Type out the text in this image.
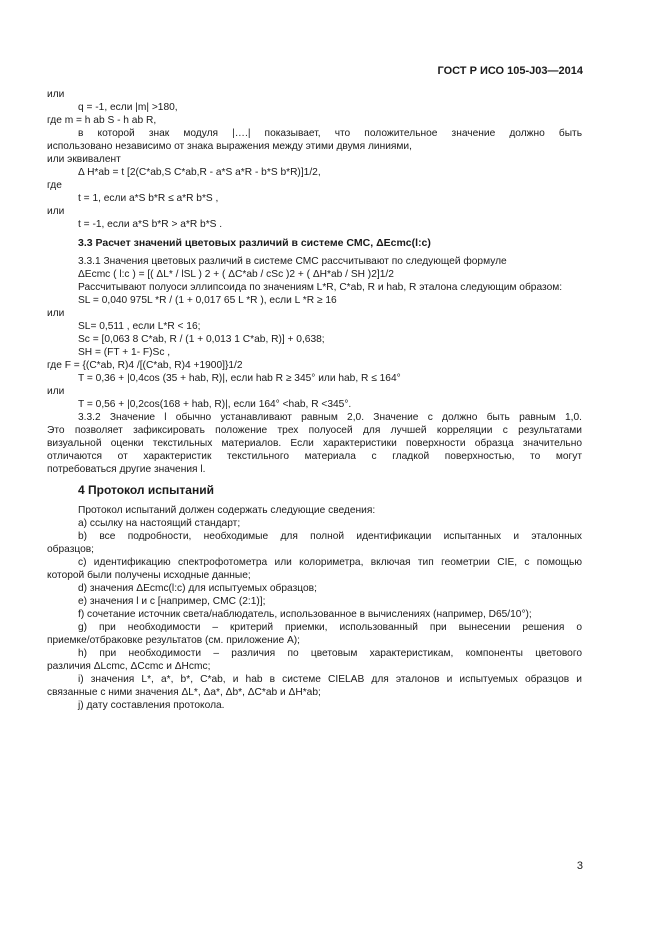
ГОСТ Р ИСО 105-J03—2014
или
q = -1, если |m| >180,
где m = h ab S - h ab R,
в которой знак модуля |….| показывает, что положительное значение должно быть
использовано независимо от знака выражения между этими двумя линиями,
или эквивалент
Δ H*ab = t [2(C*ab,S C*ab,R - a*S a*R - b*S b*R)]1/2,
где
t = 1, если a*S b*R ≤ a*R b*S ,
или
t = -1, если a*S b*R > a*R b*S .
3.3 Расчет значений цветовых различий в системе CMC, ΔEcmc(l:c)
3.3.1 Значения цветовых различий в системе CMC рассчитывают по следующей формуле
ΔEcmc ( l:c ) = [( ΔL* / lSL ) 2 + ( ΔC*ab / cSc )2 + ( ΔH*ab / SH )2]1/2
Рассчитывают полуоси эллипсоида по значениям L*R, C*ab, R и hab, R эталона следующим образом:
SL = 0,040 975L *R / (1 + 0,017 65 L *R ), если L *R ≥ 16
или
SL= 0,511 , если L*R < 16;
Sc = [0,063 8 C*ab, R / (1 + 0,013 1 C*ab, R)] + 0,638;
SH = (FT + 1- F)Sc ,
где F = {(C*ab, R)4 /[(C*ab, R)4 +1900]}1/2
T = 0,36 + |0,4cos (35 + hab, R)|, если hab R ≥ 345° или hab, R ≤ 164°
или
T = 0,56 + |0,2cos(168 + hab, R)|, если 164° <hab, R <345°.
3.3.2 Значение l обычно устанавливают равным 2,0. Значение c должно быть равным 1,0.
Это позволяет зафиксировать положение трех полуосей для лучшей корреляции с результатами
визуальной оценки текстильных материалов. Если характеристики поверхности образца значительно
отличаются от характеристик текстильного материала с гладкой поверхностью, то могут
потребоваться другие значения l.
4 Протокол испытаний
Протокол испытаний должен содержать следующие сведения:
а) ссылку на настоящий стандарт;
b) все подробности, необходимые для полной идентификации испытанных и эталонных
образцов;
c) идентификацию спектрофотометра или колориметра, включая тип геометрии CIE, с помощью
которой были получены исходные данные;
d) значения ΔEcmc(l:c) для испытуемых образцов;
e) значения l и c [например, CMC (2:1)];
f) сочетание источник света/наблюдатель, использованное в вычислениях (например, D65/10°);
g) при необходимости – критерий приемки, использованный при вынесении решения о
приемке/отбраковке результатов (см. приложение А);
h) при необходимости – различия по цветовым характеристикам, компоненты цветового
различия ΔLcmc, ΔCcmc и ΔHcmc;
i) значения L*, a*, b*, C*ab, и hab в системе CIELAB для эталонов и испытуемых образцов и
связанные с ними значения ΔL*, Δa*, Δb*, ΔC*ab и ΔH*ab;
j) дату составления протокола.
3
